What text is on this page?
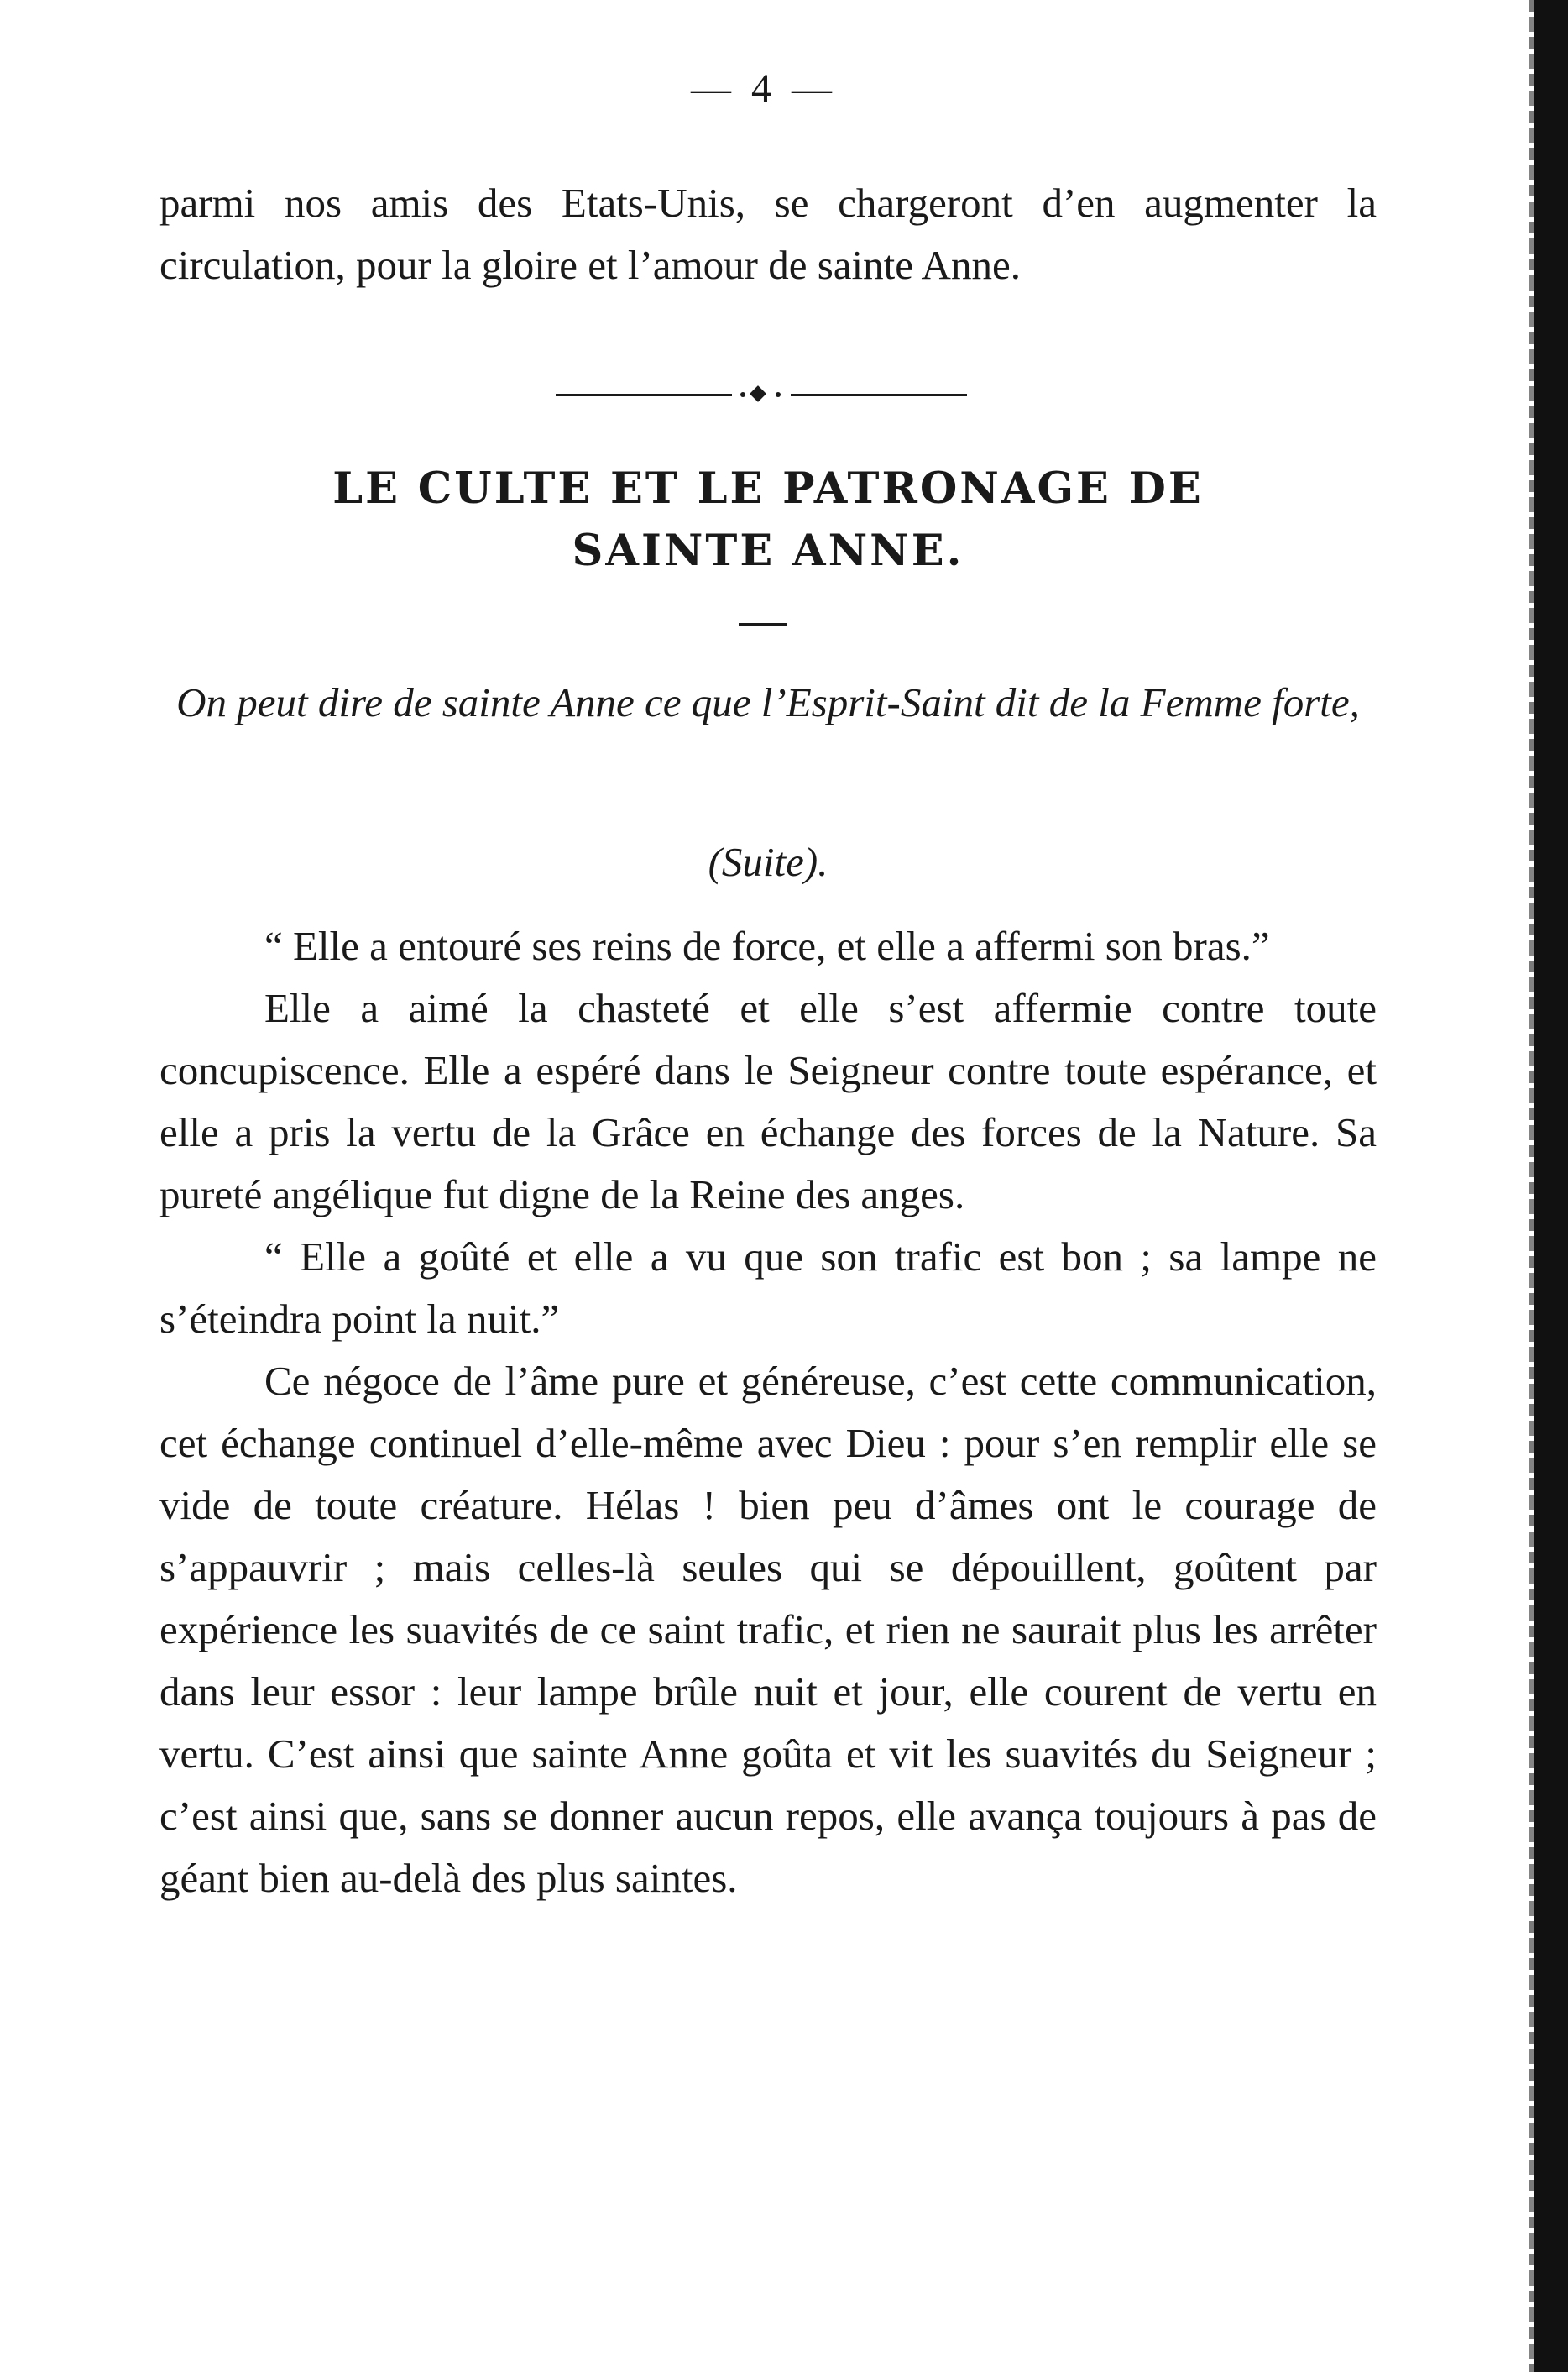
— 4 —

parmi nos amis des Etats-Unis, se chargeront d’en augmenter la circulation, pour la gloire et l’amour de sainte Anne.

LE CULTE ET LE PATRONAGE DE
SAINTE ANNE.
On peut dire de sainte Anne ce que l’Esprit-Saint dit de la Femme forte,
(Suite).

“ Elle a entouré ses reins de force, et elle a affermi son bras.”

Elle a aimé la chasteté et elle s’est affermie contre toute concupiscence. Elle a espéré dans le Seigneur contre toute espérance, et elle a pris la vertu de la Grâce en échange des forces de la Nature. Sa pureté angélique fut digne de la Reine des anges.

“ Elle a goûté et elle a vu que son trafic est bon ; sa lampe ne s’éteindra point la nuit.”

Ce négoce de l’âme pure et généreuse, c’est cette communication, cet échange continuel d’elle-même avec Dieu : pour s’en remplir elle se vide de toute créature. Hélas ! bien peu d’âmes ont le courage de s’appauvrir ; mais celles-là seules qui se dépouillent, goûtent par expérience les suavités de ce saint trafic, et rien ne saurait plus les arrêter dans leur essor : leur lampe brûle nuit et jour, elle courent de vertu en vertu. C’est ainsi que sainte Anne goûta et vit les suavités du Seigneur ; c’est ainsi que, sans se donner aucun repos, elle avança toujours à pas de géant bien au-delà des plus saintes.
